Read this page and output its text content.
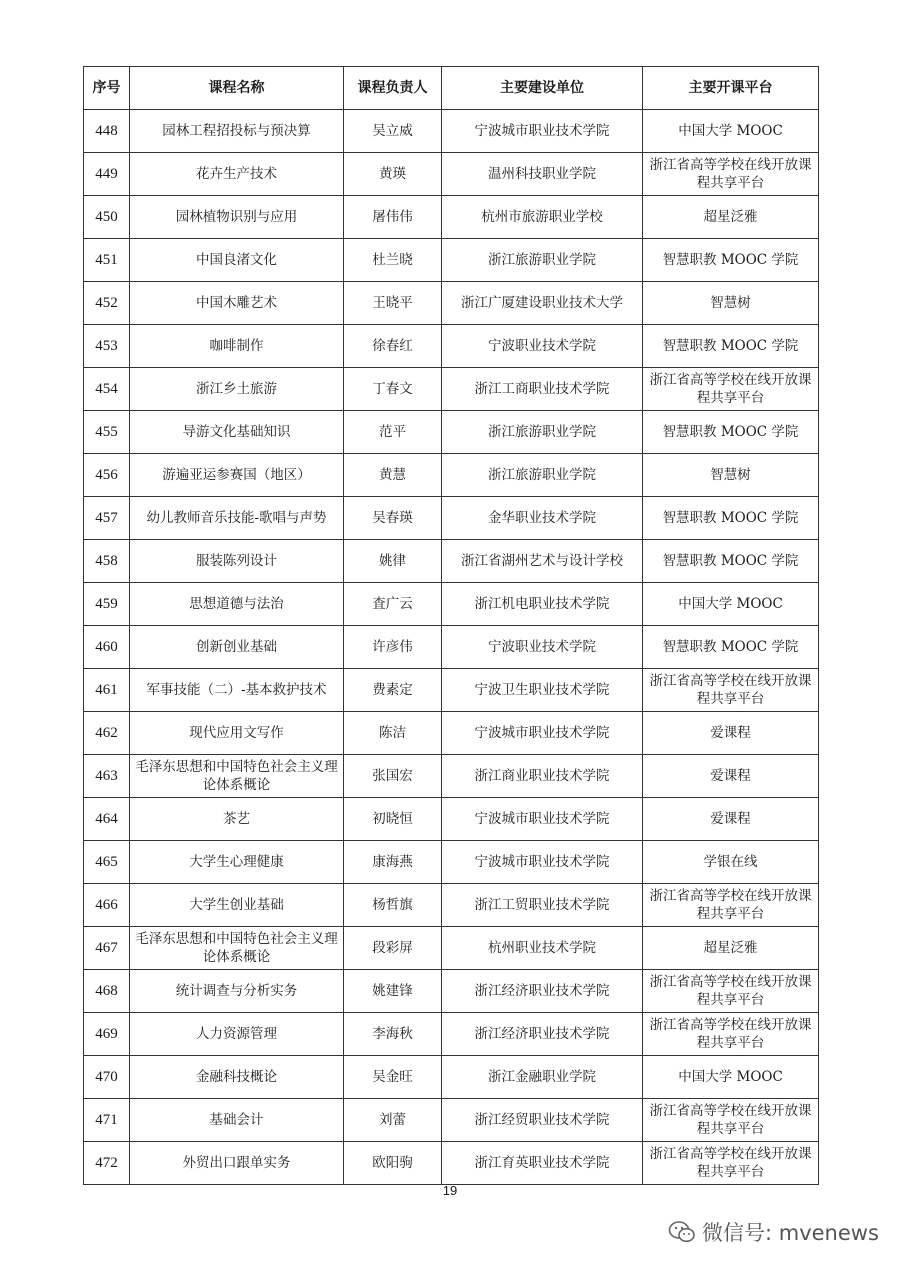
序号	课程名称	课程负责人	主要建设单位	主要开课平台
448	园林工程招投标与预决算	吴立威	宁波城市职业技术学院	中国大学 MOOC
449	花卉生产技术	黄瑛	温州科技职业学院	浙江省高等学校在线开放课程共享平台
450	园林植物识别与应用	屠伟伟	杭州市旅游职业学校	超星泛雅
451	中国良渚文化	杜兰晓	浙江旅游职业学院	智慧职教 MOOC 学院
452	中国木雕艺术	王晓平	浙江广厦建设职业技术大学	智慧树
453	咖啡制作	徐春红	宁波职业技术学院	智慧职教 MOOC 学院
454	浙江乡土旅游	丁春文	浙江工商职业技术学院	浙江省高等学校在线开放课程共享平台
455	导游文化基础知识	范平	浙江旅游职业学院	智慧职教 MOOC 学院
456	游遍亚运参赛国（地区）	黄慧	浙江旅游职业学院	智慧树
457	幼儿教师音乐技能-歌唱与声势	吴春瑛	金华职业技术学院	智慧职教 MOOC 学院
458	服装陈列设计	姚律	浙江省湖州艺术与设计学校	智慧职教 MOOC 学院
459	思想道德与法治	査广云	浙江机电职业技术学院	中国大学 MOOC
460	创新创业基础	许彦伟	宁波职业技术学院	智慧职教 MOOC 学院
461	军事技能（二）-基本救护技术	费素定	宁波卫生职业技术学院	浙江省高等学校在线开放课程共享平台
462	现代应用文写作	陈洁	宁波城市职业技术学院	爱课程
463	毛泽东思想和中国特色社会主义理论体系概论	张国宏	浙江商业职业技术学院	爱课程
464	茶艺	初晓恒	宁波城市职业技术学院	爱课程
465	大学生心理健康	康海燕	宁波城市职业技术学院	学银在线
466	大学生创业基础	杨哲旗	浙江工贸职业技术学院	浙江省高等学校在线开放课程共享平台
467	毛泽东思想和中国特色社会主义理论体系概论	段彩屏	杭州职业技术学院	超星泛雅
468	统计调查与分析实务	姚建锋	浙江经济职业技术学院	浙江省高等学校在线开放课程共享平台
469	人力资源管理	李海秋	浙江经济职业技术学院	浙江省高等学校在线开放课程共享平台
470	金融科技概论	吴金旺	浙江金融职业学院	中国大学 MOOC
471	基础会计	刘蕾	浙江经贸职业技术学院	浙江省高等学校在线开放课程共享平台
472	外贸出口跟单实务	欧阳驹	浙江育英职业技术学院	浙江省高等学校在线开放课程共享平台
19
微信号: mvenews
